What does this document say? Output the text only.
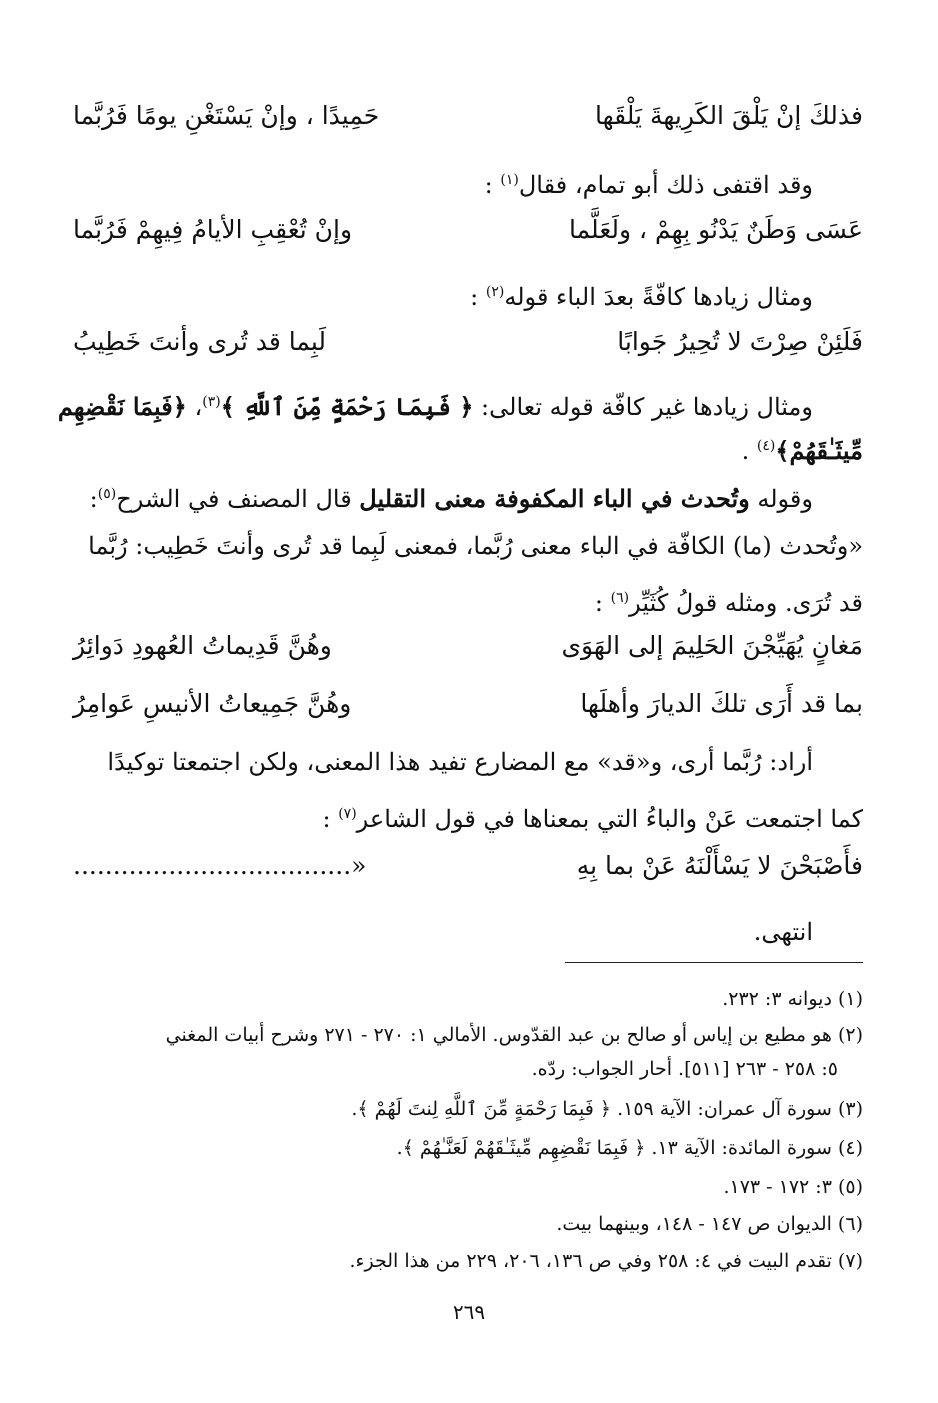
فذلكَ إنْ يَلْقَ الكَرِيهةَ يَلْقَها
حَمِيدًا ، وإنْ يَسْتَغْنِ يومًا فَرُبَّما
وقد اقتفى ذلك أبو تمام، فقال$^{(١)}$ :
عَسَى وَطَنٌ يَدْنُو بِهِمْ ، ولَعَلَّما
وإنْ تُعْقِبِ الأيامُ فِيهِمْ فَرُبَّما
ومثال زيادها كافّةً بعدَ الباء قوله$^{(٢)}$ :
فَلَئِنْ صِرْتَ لا تُحِيرُ جَوابًا
لَبِما قد تُرى وأنتَ خَطِيبُ
ومثال زيادها غير كافّة قوله تعالى: ﴿ فَبِمَا رَحْمَةٍ مِّنَ ٱللَّهِ ﴾$^{(٣)}$، ﴿فَبِمَا نَقْضِهِم
مِّيثَـٰقَهُمْ﴾$^{(٤)}$ .
وقوله وتُحدث في الباء المكفوفة معنى التقليل قال المصنف في الشرح$^{(٥)}$:
«وتُحدث (ما) الكافّة في الباء معنى رُبَّما، فمعنى لَبِما قد تُرى وأنتَ خَطِيب: رُبَّما
قد تُرَى. ومثله قولُ كُثَيِّر$^{(٦)}$ :
مَغانٍ يُهَيِّجْنَ الحَلِيمَ إلى الهَوَى
وهُنَّ قَدِيماتُ العُهودِ دَوائِرُ
بما قد أَرَى تلكَ الديارَ وأهلَها
وهُنَّ جَمِيعاتُ الأنيسِ عَوامِرُ
أراد: رُبَّما أرى، و«قد» مع المضارع تفيد هذا المعنى، ولكن اجتمعتا توكيدًا
كما اجتمعت عَنْ والباءُ التي بمعناها في قول الشاعر$^{(٧)}$ :
فأَصْبَحْنَ لا يَسْأَلْنَهُ عَنْ بما بِهِ
...................................»
انتهى.
(١) ديوانه ٣: ٢٣٢.
(٢) هو مطيع بن إياس أو صالح بن عبد القدّوس. الأمالي ١: ٢٧٠ - ٢٧١ وشرح أبيات المغني
٥: ٢٥٨ - ٢٦٣ [٥١١]. أحار الجواب: ردّه.
(٣) سورة آل عمران: الآية ١٥٩. ﴿ فَبِمَا رَحْمَةٍ مِّنَ ٱللَّهِ لِنتَ لَهُمْ ﴾.
(٤) سورة المائدة: الآية ١٣. ﴿ فَبِمَا نَقْضِهِم مِّيثَـٰقَهُمْ لَعَنَّـٰهُمْ ﴾.
(٥) ٣: ١٧٢ - ١٧٣.
(٦) الديوان ص ١٤٧ - ١٤٨، وبينهما بيت.
(٧) تقدم البيت في ٤: ٢٥٨ وفي ص ١٣٦، ٢٠٦، ٢٢٩ من هذا الجزء.
٢٦٩
